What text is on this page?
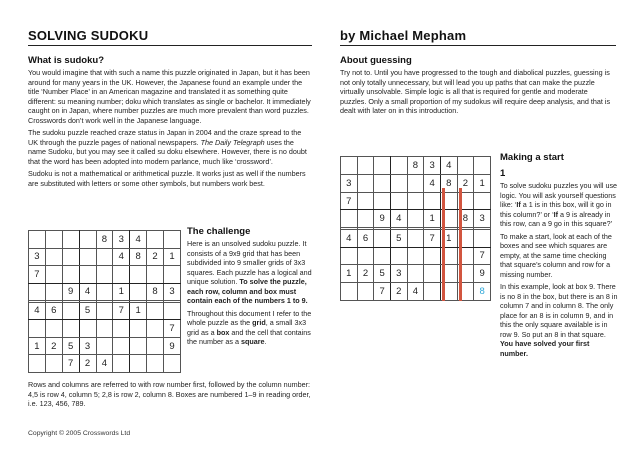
SOLVING SUDOKU	by Michael Mepham
What is sudoku?

You would imagine that with such a name this puzzle originated in Japan, but it has been around for many years in the UK. However, the Japanese found an example under the title ‘Number Place’ in an American magazine and translated it as something quite different: su meaning number; doku which translates as single or bachelor. It immediately caught on in Japan, where number puzzles are much more prevalent than word puzzles. Crosswords don’t work well in the Japanese language.

The sudoku puzzle reached craze status in Japan in 2004 and the craze spread to the UK through the puzzle pages of national newspapers. The Daily Telegraph uses the name Sudoku, but you may see it called su doku elsewhere. However, there is no doubt that the word has been adopted into modern parlance, much like ‘crossword’.

Sudoku is not a mathematical or arithmetical puzzle. It works just as well if the numbers are substituted with letters or some other symbols, but numbers work best.

				8	3	4		
3					4	8	2	1
7								
		9	4		1		8	3

4	6		5		7	1		
								7
1	2	5	3					9
		7	2	4				
The challenge

Here is an unsolved sudoku puzzle. It consists of a 9x9 grid that has been subdivided into 9 smaller grids of 3x3 squares. Each puzzle has a logical and unique solution. To solve the puzzle, each row, column and box must contain each of the numbers 1 to 9.

Throughout this document I refer to the whole puzzle as the grid, a small 3x3 grid as a box and the cell that contains the number as a square.

Rows and columns are referred to with row number first, followed by the column number: 4,5 is row 4, column 5; 2,8 is row 2, column 8. Boxes are numbered 1–9 in reading order, i.e. 123, 456, 789.
Copyright © 2005 Crosswords Ltd
About guessing
Try not to. Until you have progressed to the tough and diabolical puzzles, guessing is not only totally unnecessary, but will lead you up paths that can make the puzzle virtually unsolvable. Simple logic is all that is required for gentle and moderate puzzles. Only a small proportion of my sudokus will require deep analysis, and that is dealt with later on in this introduction.
				8	3	4		
3					4	8	2	1
7								
		9	4		1		8	3

4	6		5		7	1		
								7
1	2	5	3					9
		7	2	4				8
Making a start
1

To solve sudoku puzzles you will use logic. You will ask yourself questions like: ‘If a 1 is in this box, will it go in this column?’ or ‘If a 9 is already in this row, can a 9 go in this square?’

To make a start, look at each of the boxes and see which squares are empty, at the same time checking that square’s column and row for a missing number.

In this example, look at box 9. There is no 8 in the box, but there is an 8 in column 7 and in column 8. The only place for an 8 is in column 9, and in this the only square available is in row 9. So put an 8 in that square. You have solved your first number.
